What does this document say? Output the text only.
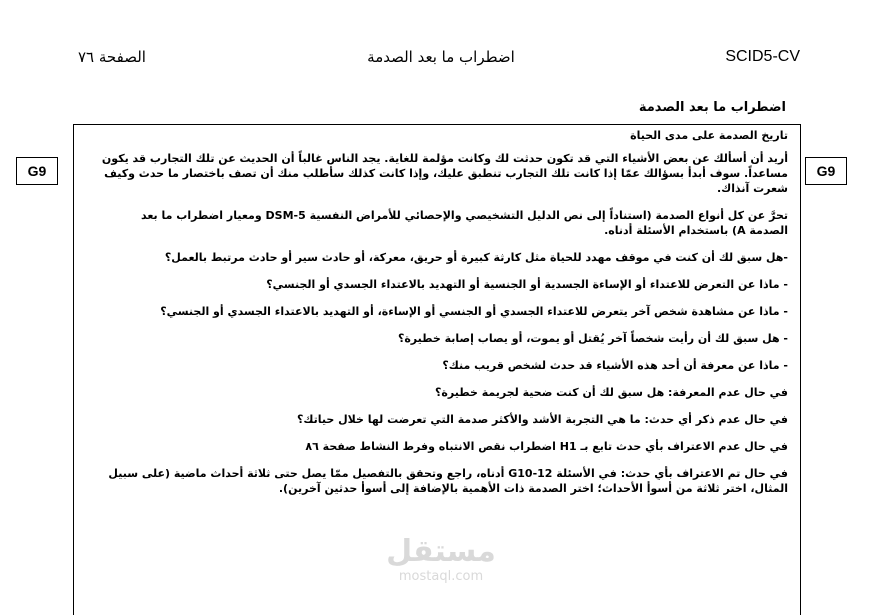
الصفحة ٧٦	اضطراب ما بعد الصدمة	SCID5-CV
اضطراب ما بعد الصدمة
G9	G9

تاريخ الصدمة على مدى الحياة

أريد أن أسألك عن بعض الأشياء التي قد تكون حدثت لك وكانت مؤلمة للغاية. يجد الناس غالباً أن الحديث عن تلك التجارب قد يكون مساعداً. سوف أبدأ بسؤالك عمّا إذا كانت تلك التجارب تنطبق عليك، وإذا كانت كذلك سأطلب منك أن تصف باختصار ما حدث وكيف شعرت آنذاك.

تحرَّ عن كل أنواع الصدمة (استناداً إلى نص الدليل التشخيصي والإحصائي للأمراض النفسية DSM-5 ومعيار اضطراب ما بعد الصدمة A) باستخدام الأسئلة أدناه.

-هل سبق لك أن كنت في موقف مهدد للحياة مثل كارثة كبيرة أو حريق، معركة، أو حادث سير أو حادث مرتبط بالعمل؟

- ماذا عن التعرض للاعتداء أو الإساءة الجسدية أو الجنسية أو التهديد بالاعتداء الجسدي أو الجنسي؟

- ماذا عن مشاهدة شخص آخر يتعرض للاعتداء الجسدي أو الجنسي أو الإساءة، أو التهديد بالاعتداء الجسدي أو الجنسي؟

- هل سبق لك أن رأيت شخصاً آخر يُقتل أو يموت، أو يصاب إصابة خطيرة؟

- ماذا عن معرفة أن أحد هذه الأشياء قد حدث لشخص قريب منك؟

في حال عدم المعرفة: هل سبق لك أن كنت ضحية لجريمة خطيرة؟

في حال عدم ذكر أي حدث: ما هي التجربة الأشد والأكثر صدمة التي تعرضت لها خلال حياتك؟

في حال عدم الاعتراف بأي حدث تابع بـ H1 اضطراب نقص الانتباه وفرط النشاط صفحة ٨٦

في حال تم الاعتراف بأي حدث: في الأسئلة G10-12 أدناه، راجع وتحقق بالتفصيل ممّا يصل حتى ثلاثة أحداث ماضية (على سبيل المثال، اختر ثلاثة من أسوأ الأحداث؛ اختر الصدمة ذات الأهمية بالإضافة إلى أسوأ حدثين آخرين).

مستقل
mostaql.com
